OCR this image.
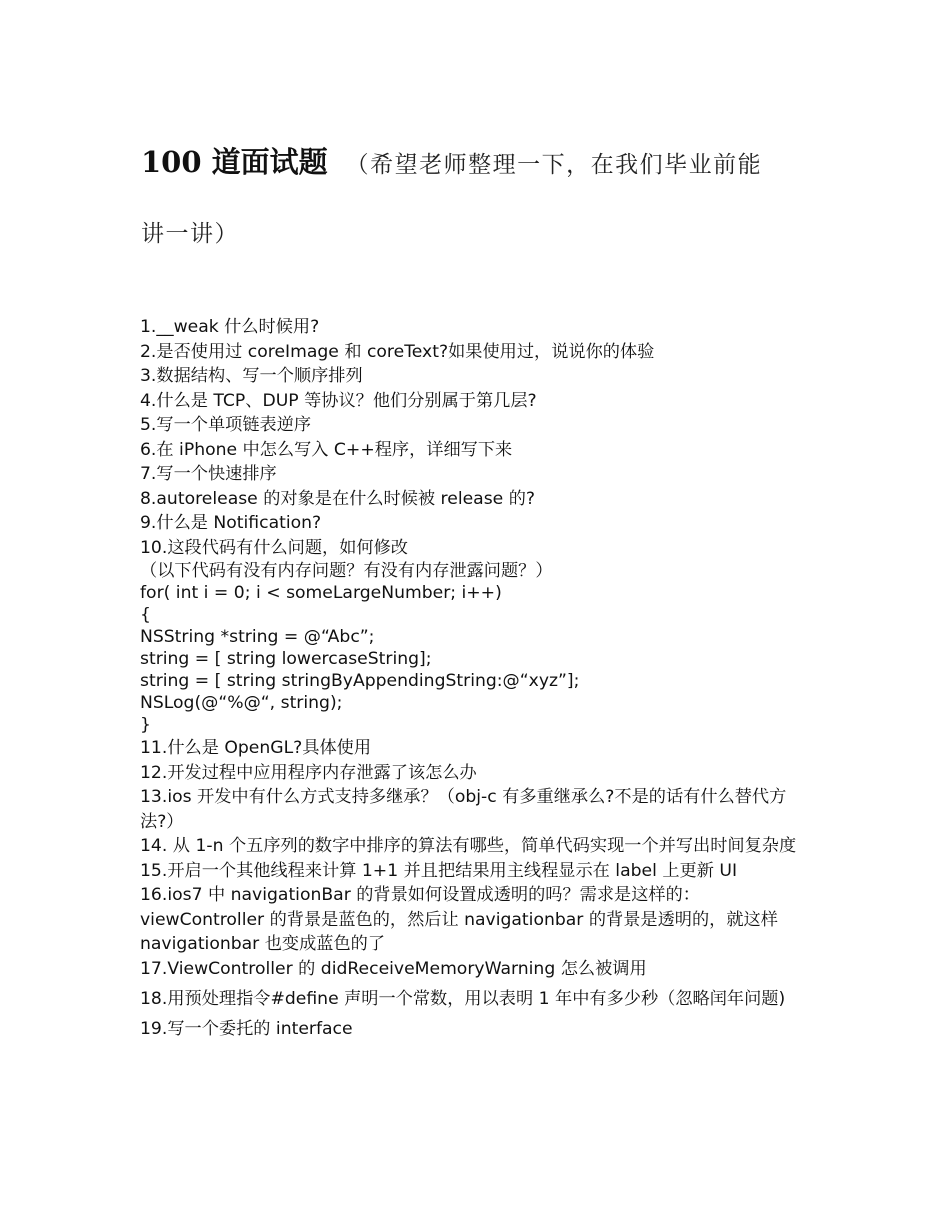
100 道面试题 （希望老师整理一下，在我们毕业前能
讲一讲）
1.__weak 什么时候用?
2.是否使用过 coreImage 和 coreText?如果使用过，说说你的体验
3.数据结构、写一个顺序排列
4.什么是 TCP、DUP 等协议？他们分别属于第几层?
5.写一个单项链表逆序
6.在 iPhone 中怎么写入 C++程序，详细写下来
7.写一个快速排序
8.autorelease 的对象是在什么时候被 release 的?
9.什么是 Notification?
10.这段代码有什么问题，如何修改
（以下代码有没有内存问题？有没有内存泄露问题？）
for( int i = 0; i < someLargeNumber; i++)
{
NSString *string = @“Abc”;
string = [ string lowercaseString];
string = [ string stringByAppendingString:@“xyz”];
NSLog(@“%@“, string);
}
11.什么是 OpenGL?具体使用
12.开发过程中应用程序内存泄露了该怎么办
13.ios 开发中有什么方式支持多继承？（obj-c 有多重继承么?不是的话有什么替代方法?）
14. 从 1-n 个五序列的数字中排序的算法有哪些，简单代码实现一个并写出时间复杂度
15.开启一个其他线程来计算 1+1 并且把结果用主线程显示在 label 上更新 UI
16.ios7 中 navigationBar 的背景如何设置成透明的吗？需求是这样的：viewController 的背景是蓝色的，然后让 navigationbar 的背景是透明的，就这样 navigationbar 也变成蓝色的了
17.ViewController 的 didReceiveMemoryWarning 怎么被调用
18.用预处理指令#define 声明一个常数，用以表明 1 年中有多少秒（忽略闰年问题)
19.写一个委托的 interface
